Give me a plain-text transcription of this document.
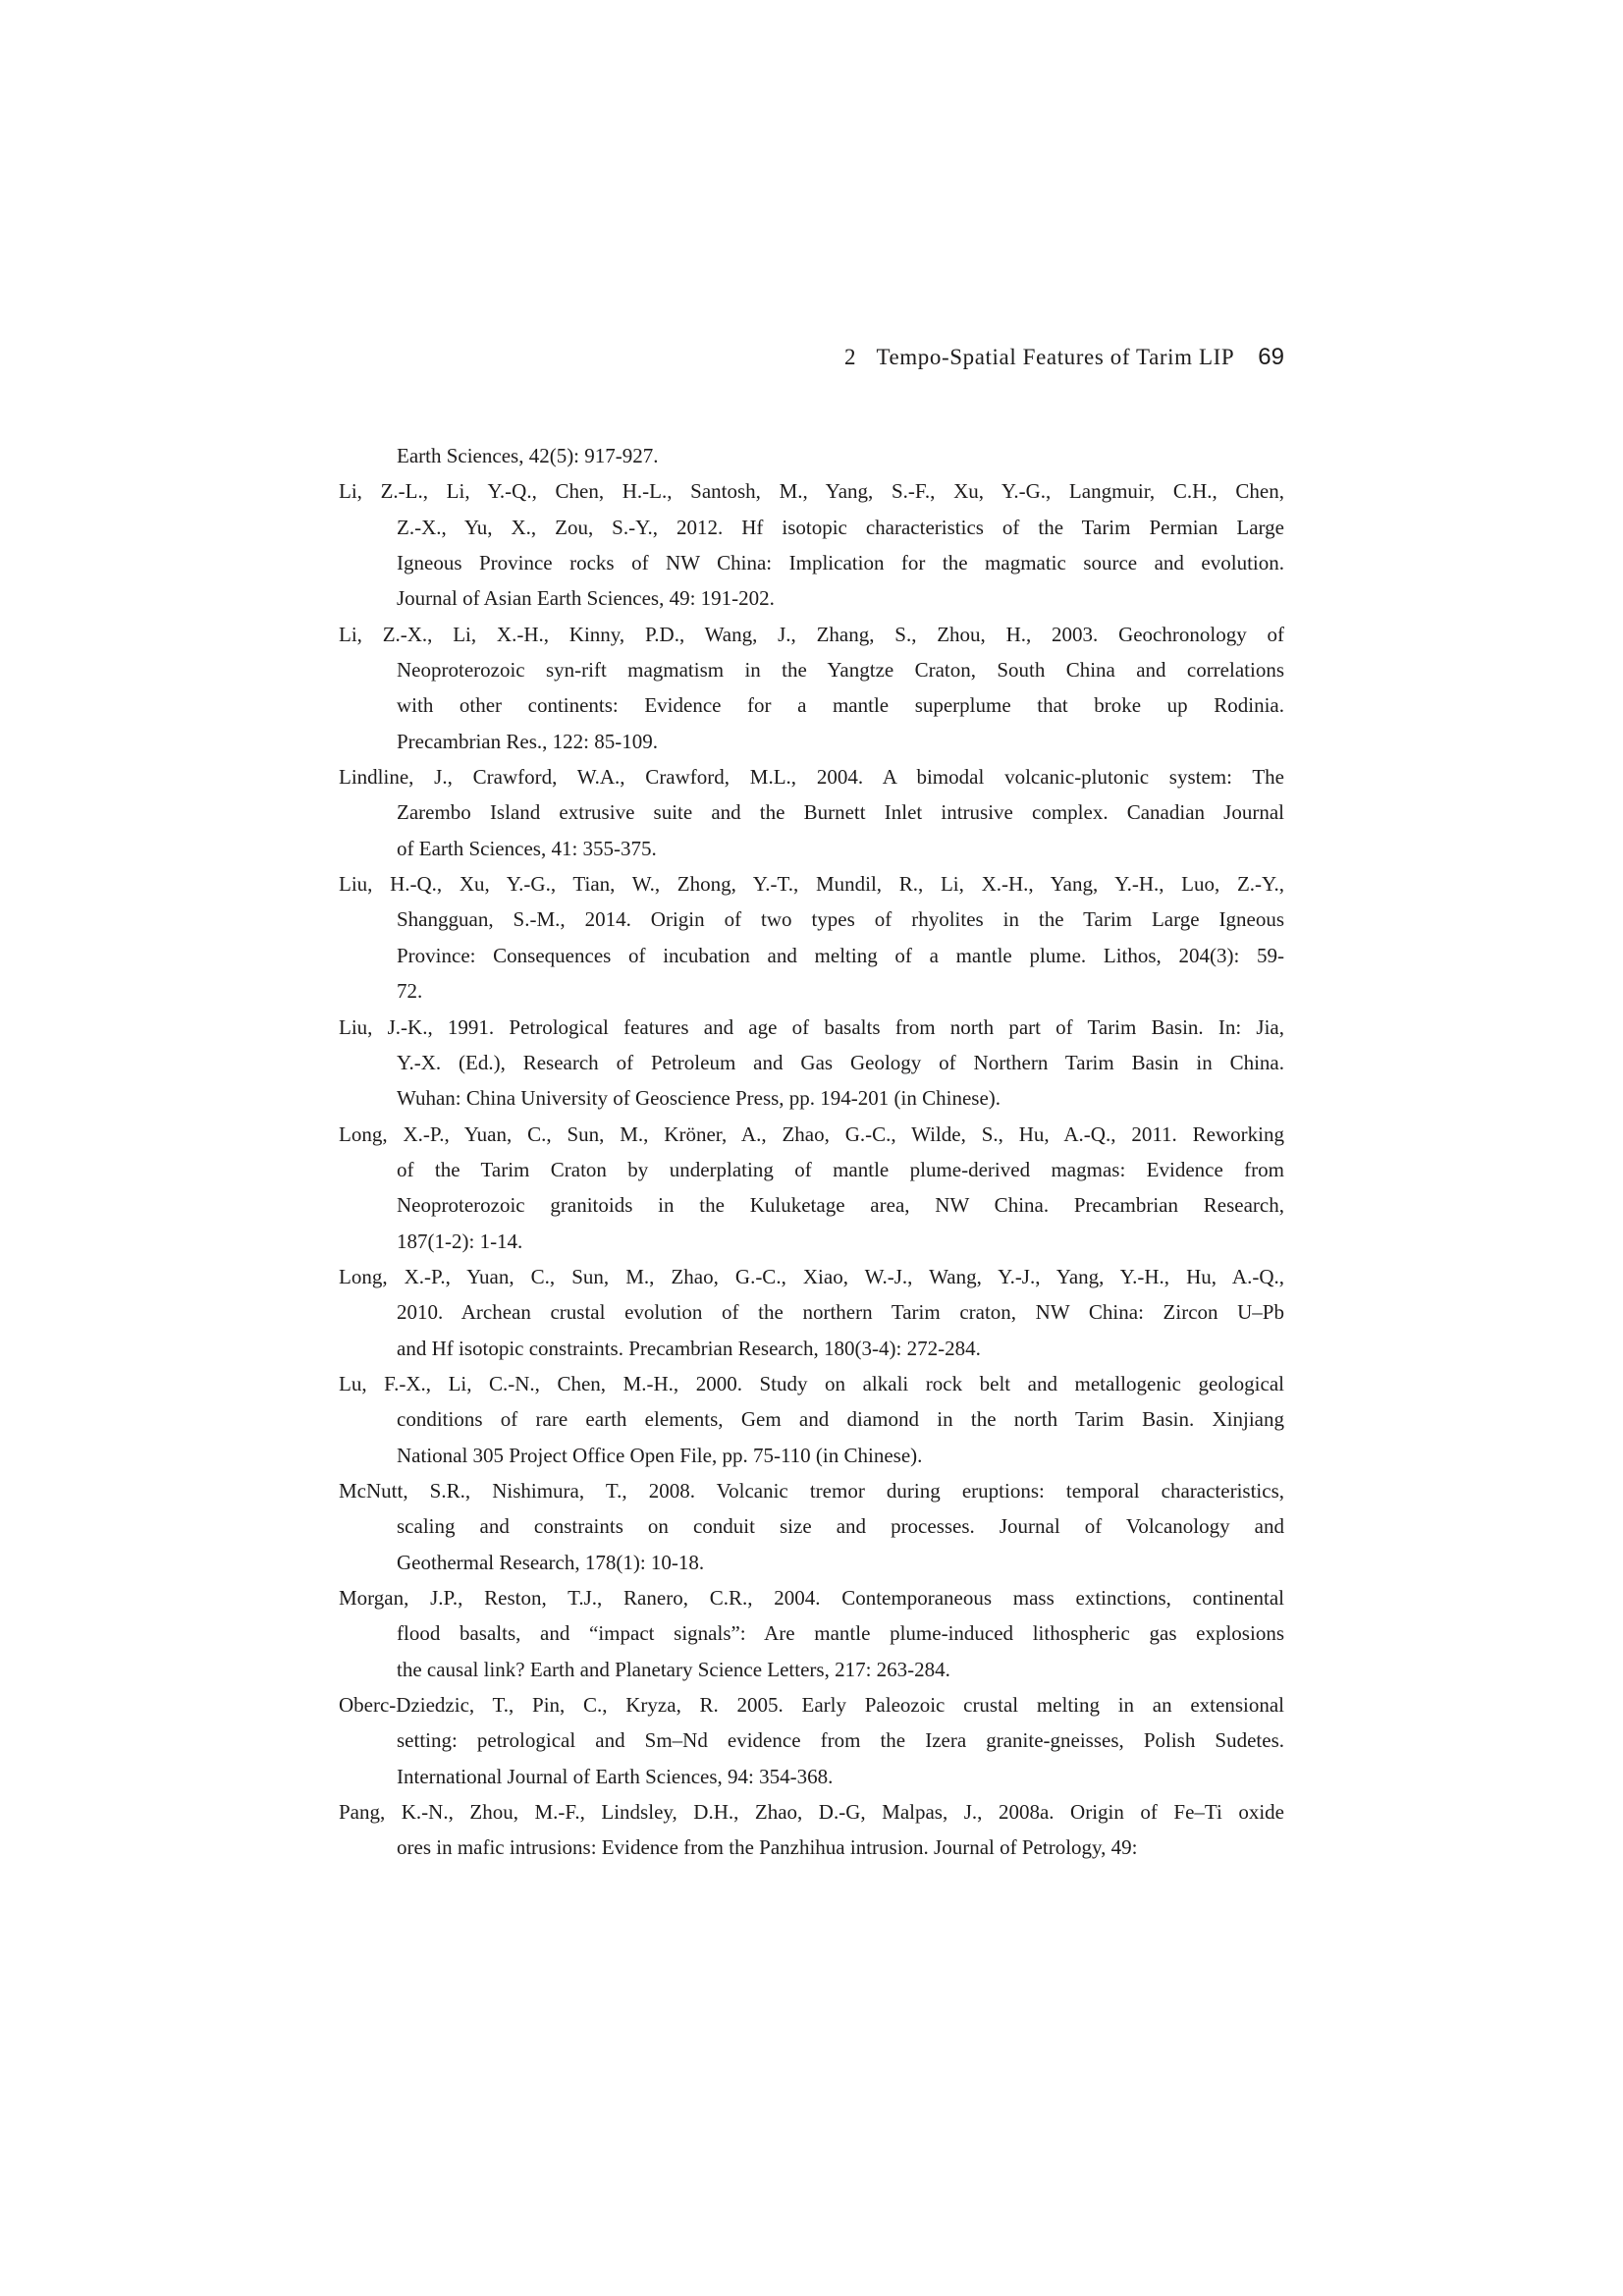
2 Tempo-Spatial Features of Tarim LIP 69
Earth Sciences, 42(5): 917-927.
Li, Z.-L., Li, Y.-Q., Chen, H.-L., Santosh, M., Yang, S.-F., Xu, Y.-G., Langmuir, C.H., Chen,
Z.-X., Yu, X., Zou, S.-Y., 2012. Hf isotopic characteristics of the Tarim Permian Large
Igneous Province rocks of NW China: Implication for the magmatic source and evolution.
Journal of Asian Earth Sciences, 49: 191-202.
Li, Z.-X., Li, X.-H., Kinny, P.D., Wang, J., Zhang, S., Zhou, H., 2003. Geochronology of
Neoproterozoic syn-rift magmatism in the Yangtze Craton, South China and correlations
with other continents: Evidence for a mantle superplume that broke up Rodinia.
Precambrian Res., 122: 85-109.
Lindline, J., Crawford, W.A., Crawford, M.L., 2004. A bimodal volcanic-plutonic system: The
Zarembo Island extrusive suite and the Burnett Inlet intrusive complex. Canadian Journal
of Earth Sciences, 41: 355-375.
Liu, H.-Q., Xu, Y.-G., Tian, W., Zhong, Y.-T., Mundil, R., Li, X.-H., Yang, Y.-H., Luo, Z.-Y.,
Shangguan, S.-M., 2014. Origin of two types of rhyolites in the Tarim Large Igneous
Province: Consequences of incubation and melting of a mantle plume. Lithos, 204(3): 59-
72.
Liu, J.-K., 1991. Petrological features and age of basalts from north part of Tarim Basin. In: Jia,
Y.-X. (Ed.), Research of Petroleum and Gas Geology of Northern Tarim Basin in China.
Wuhan: China University of Geoscience Press, pp. 194-201 (in Chinese).
Long, X.-P., Yuan, C., Sun, M., Kröner, A., Zhao, G.-C., Wilde, S., Hu, A.-Q., 2011. Reworking
of the Tarim Craton by underplating of mantle plume-derived magmas: Evidence from
Neoproterozoic granitoids in the Kuluketage area, NW China. Precambrian Research,
187(1-2): 1-14.
Long, X.-P., Yuan, C., Sun, M., Zhao, G.-C., Xiao, W.-J., Wang, Y.-J., Yang, Y.-H., Hu, A.-Q.,
2010. Archean crustal evolution of the northern Tarim craton, NW China: Zircon U–Pb
and Hf isotopic constraints. Precambrian Research, 180(3-4): 272-284.
Lu, F.-X., Li, C.-N., Chen, M.-H., 2000. Study on alkali rock belt and metallogenic geological
conditions of rare earth elements, Gem and diamond in the north Tarim Basin. Xinjiang
National 305 Project Office Open File, pp. 75-110 (in Chinese).
McNutt, S.R., Nishimura, T., 2008. Volcanic tremor during eruptions: temporal characteristics,
scaling and constraints on conduit size and processes. Journal of Volcanology and
Geothermal Research, 178(1): 10-18.
Morgan, J.P., Reston, T.J., Ranero, C.R., 2004. Contemporaneous mass extinctions, continental
flood basalts, and “impact signals”: Are mantle plume-induced lithospheric gas explosions
the causal link? Earth and Planetary Science Letters, 217: 263-284.
Oberc-Dziedzic, T., Pin, C., Kryza, R. 2005. Early Paleozoic crustal melting in an extensional
setting: petrological and Sm–Nd evidence from the Izera granite-gneisses, Polish Sudetes.
International Journal of Earth Sciences, 94: 354-368.
Pang, K.-N., Zhou, M.-F., Lindsley, D.H., Zhao, D.-G, Malpas, J., 2008a. Origin of Fe–Ti oxide
ores in mafic intrusions: Evidence from the Panzhihua intrusion. Journal of Petrology, 49:
